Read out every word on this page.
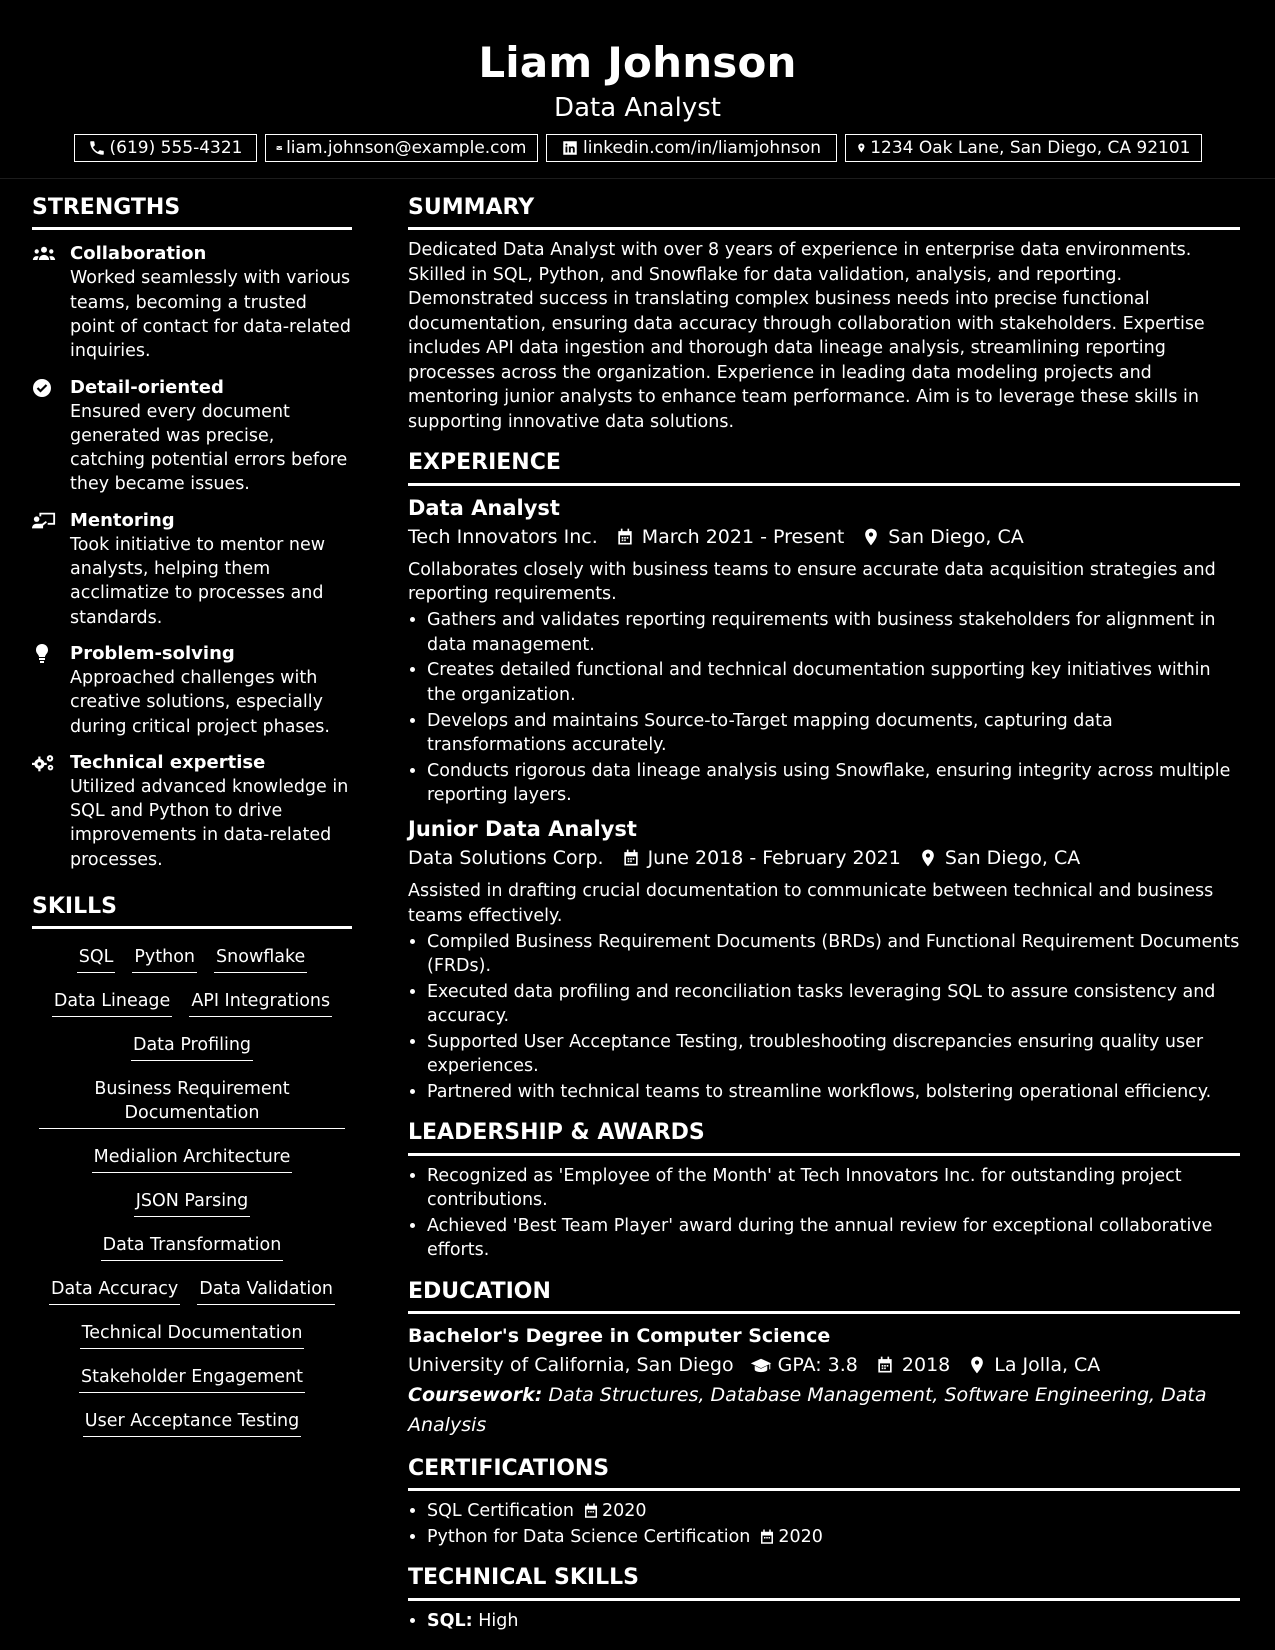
Liam Johnson
Data Analyst
(619) 555-4321	liam.johnson@example.com	linkedin.com/in/liamjohnson	1234 Oak Lane, San Diego, CA 92101
STRENGTHS
Collaboration
Worked seamlessly with various teams, becoming a trusted point of contact for data-related inquiries.
Detail-oriented
Ensured every document generated was precise, catching potential errors before they became issues.
Mentoring
Took initiative to mentor new analysts, helping them acclimatize to processes and standards.
Problem-solving
Approached challenges with creative solutions, especially during critical project phases.
Technical expertise
Utilized advanced knowledge in SQL and Python to drive improvements in data-related processes.
SKILLS
SQL Python Snowflake
Data Lineage API Integrations
Data Profiling
Business Requirement Documentation
Medialion Architecture
JSON Parsing
Data Transformation
Data Accuracy Data Validation
Technical Documentation
Stakeholder Engagement
User Acceptance Testing
SUMMARY
Dedicated Data Analyst with over 8 years of experience in enterprise data environments. Skilled in SQL, Python, and Snowflake for data validation, analysis, and reporting. Demonstrated success in translating complex business needs into precise functional documentation, ensuring data accuracy through collaboration with stakeholders. Expertise includes API data ingestion and thorough data lineage analysis, streamlining reporting processes across the organization. Experience in leading data modeling projects and mentoring junior analysts to enhance team performance. Aim is to leverage these skills in supporting innovative data solutions.
EXPERIENCE
Data Analyst
Tech Innovators Inc. March 2021 - Present San Diego, CA
Collaborates closely with business teams to ensure accurate data acquisition strategies and reporting requirements.
• Gathers and validates reporting requirements with business stakeholders for alignment in data management.
• Creates detailed functional and technical documentation supporting key initiatives within the organization.
• Develops and maintains Source-to-Target mapping documents, capturing data transformations accurately.
• Conducts rigorous data lineage analysis using Snowflake, ensuring integrity across multiple reporting layers.
Junior Data Analyst
Data Solutions Corp. June 2018 - February 2021 San Diego, CA
Assisted in drafting crucial documentation to communicate between technical and business teams effectively.
• Compiled Business Requirement Documents (BRDs) and Functional Requirement Documents (FRDs).
• Executed data profiling and reconciliation tasks leveraging SQL to assure consistency and accuracy.
• Supported User Acceptance Testing, troubleshooting discrepancies ensuring quality user experiences.
• Partnered with technical teams to streamline workflows, bolstering operational efficiency.
LEADERSHIP & AWARDS
• Recognized as 'Employee of the Month' at Tech Innovators Inc. for outstanding project contributions.
• Achieved 'Best Team Player' award during the annual review for exceptional collaborative efforts.
EDUCATION
Bachelor's Degree in Computer Science
University of California, San Diego GPA: 3.8 2018 La Jolla, CA
Coursework: Data Structures, Database Management, Software Engineering, Data Analysis
CERTIFICATIONS
• SQL Certification 2020
• Python for Data Science Certification 2020
TECHNICAL SKILLS
• SQL: High
